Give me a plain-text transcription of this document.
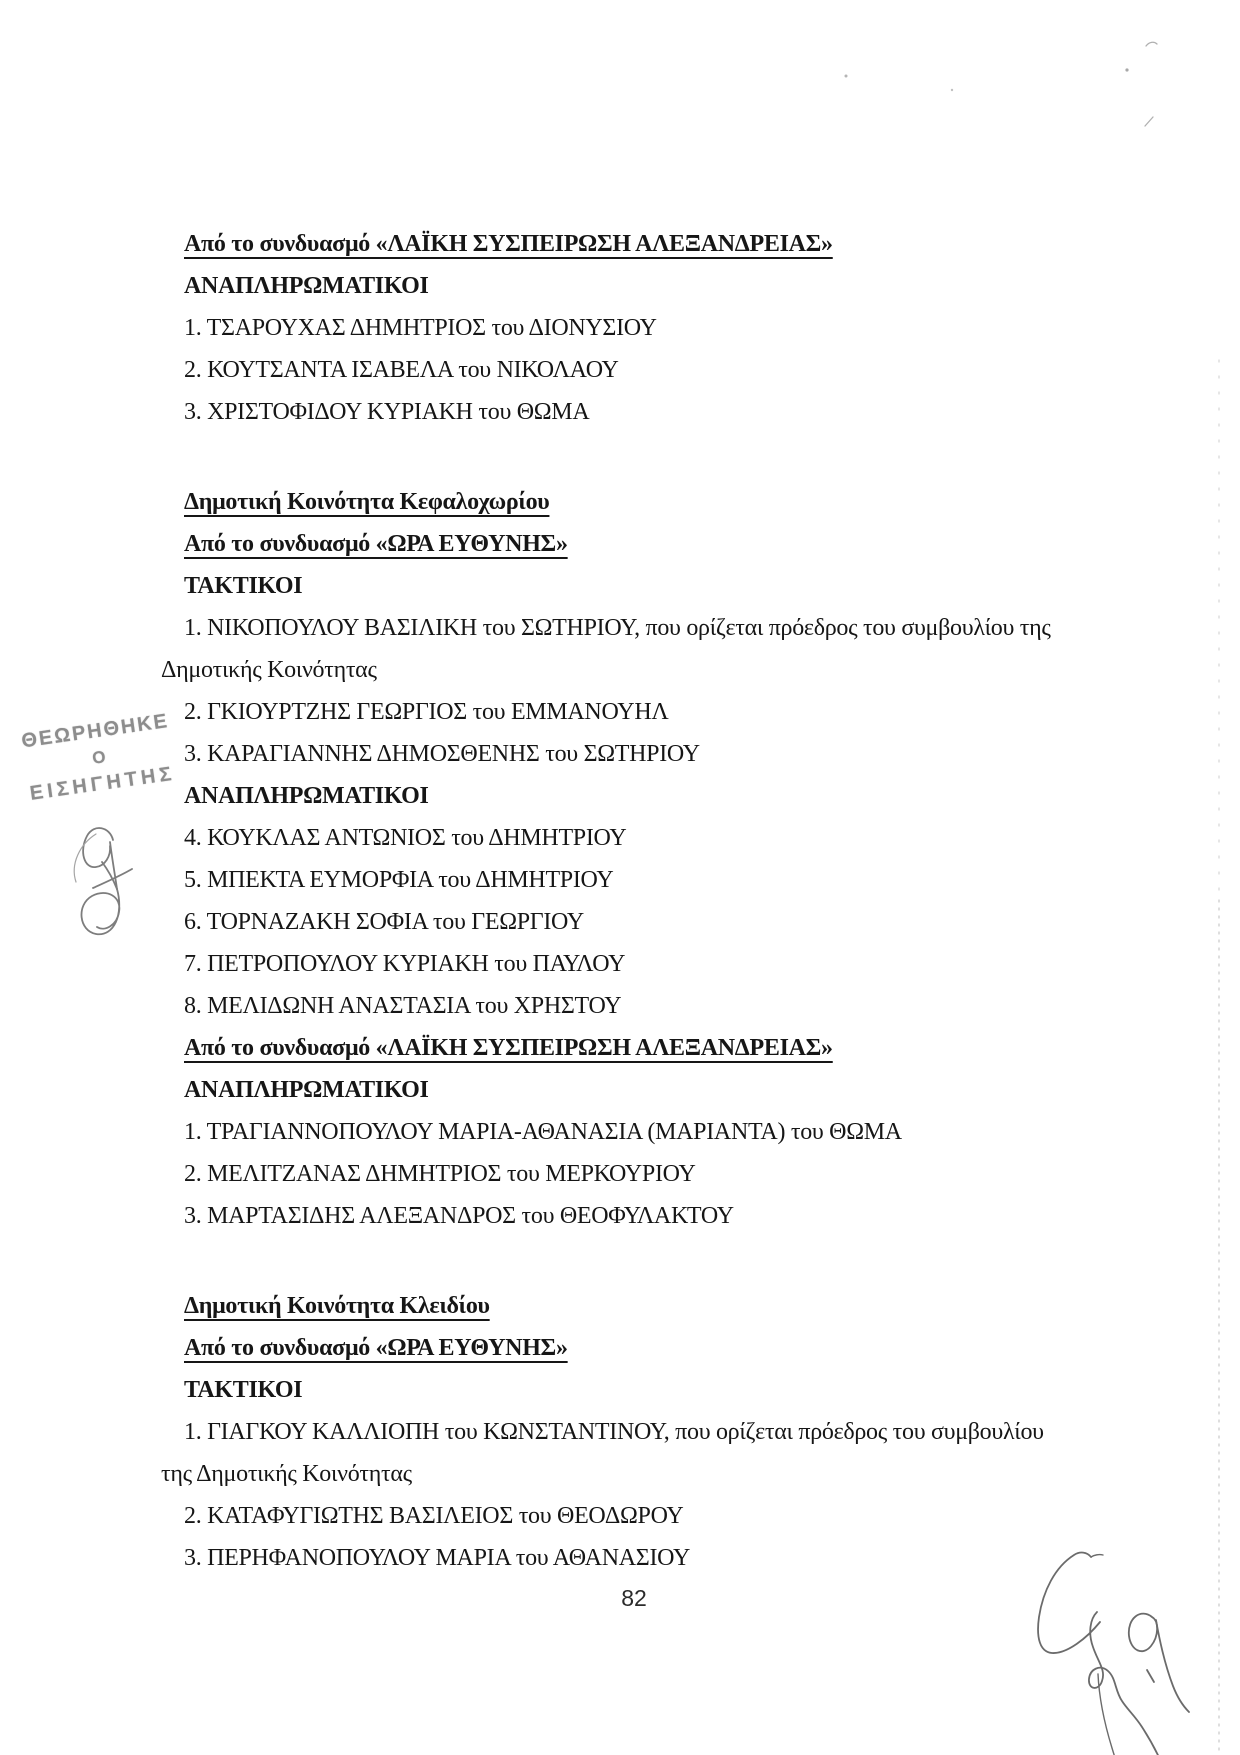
ΘΕΩΡΗΘΗΚΕ
Ο
ΕΙΣΗΓΗΤΗΣ
Από το συνδυασμό «ΛΑΪΚΗ ΣΥΣΠΕΙΡΩΣΗ ΑΛΕΞΑΝΔΡΕΙΑΣ»
ΑΝΑΠΛΗΡΩΜΑΤΙΚΟΙ
1. ΤΣΑΡΟΥΧΑΣ ΔΗΜΗΤΡΙΟΣ του ΔΙΟΝΥΣΙΟΥ
2. ΚΟΥΤΣΑΝΤΑ ΙΣΑΒΕΛΑ του ΝΙΚΟΛΑΟΥ
3. ΧΡΙΣΤΟΦΙΔΟΥ ΚΥΡΙΑΚΗ του ΘΩΜΑ
Δημοτική Κοινότητα Κεφαλοχωρίου
Από το συνδυασμό «ΩΡΑ ΕΥΘΥΝΗΣ»
ΤΑΚΤΙΚΟΙ
1. ΝΙΚΟΠΟΥΛΟΥ ΒΑΣΙΛΙΚΗ του ΣΩΤΗΡΙΟΥ, που ορίζεται πρόεδρος του συμβουλίου της
Δημοτικής Κοινότητας
2. ΓΚΙΟΥΡΤΖΗΣ ΓΕΩΡΓΙΟΣ του ΕΜΜΑΝΟΥΗΛ
3. ΚΑΡΑΓΙΑΝΝΗΣ ΔΗΜΟΣΘΕΝΗΣ του ΣΩΤΗΡΙΟΥ
ΑΝΑΠΛΗΡΩΜΑΤΙΚΟΙ
4. ΚΟΥΚΛΑΣ ΑΝΤΩΝΙΟΣ του ΔΗΜΗΤΡΙΟΥ
5. ΜΠΕΚΤΑ ΕΥΜΟΡΦΙΑ του ΔΗΜΗΤΡΙΟΥ
6. ΤΟΡΝΑΖΑΚΗ ΣΟΦΙΑ του ΓΕΩΡΓΙΟΥ
7. ΠΕΤΡΟΠΟΥΛΟΥ ΚΥΡΙΑΚΗ του ΠΑΥΛΟΥ
8. ΜΕΛΙΔΩΝΗ ΑΝΑΣΤΑΣΙΑ του ΧΡΗΣΤΟΥ
Από το συνδυασμό «ΛΑΪΚΗ ΣΥΣΠΕΙΡΩΣΗ ΑΛΕΞΑΝΔΡΕΙΑΣ»
ΑΝΑΠΛΗΡΩΜΑΤΙΚΟΙ
1. ΤΡΑΓΙΑΝΝΟΠΟΥΛΟΥ ΜΑΡΙΑ-ΑΘΑΝΑΣΙΑ (ΜΑΡΙΑΝΤΑ) του ΘΩΜΑ
2. ΜΕΛΙΤΖΑΝΑΣ ΔΗΜΗΤΡΙΟΣ του ΜΕΡΚΟΥΡΙΟΥ
3. ΜΑΡΤΑΣΙΔΗΣ ΑΛΕΞΑΝΔΡΟΣ του ΘΕΟΦΥΛΑΚΤΟΥ
Δημοτική Κοινότητα Κλειδίου
Από το συνδυασμό «ΩΡΑ ΕΥΘΥΝΗΣ»
ΤΑΚΤΙΚΟΙ
1. ΓΙΑΓΚΟΥ ΚΑΛΛΙΟΠΗ του ΚΩΝΣΤΑΝΤΙΝΟΥ, που ορίζεται πρόεδρος του συμβουλίου
της Δημοτικής Κοινότητας
2. ΚΑΤΑΦΥΓΙΩΤΗΣ ΒΑΣΙΛΕΙΟΣ του ΘΕΟΔΩΡΟΥ
3. ΠΕΡΗΦΑΝΟΠΟΥΛΟΥ ΜΑΡΙΑ του ΑΘΑΝΑΣΙΟΥ
82
